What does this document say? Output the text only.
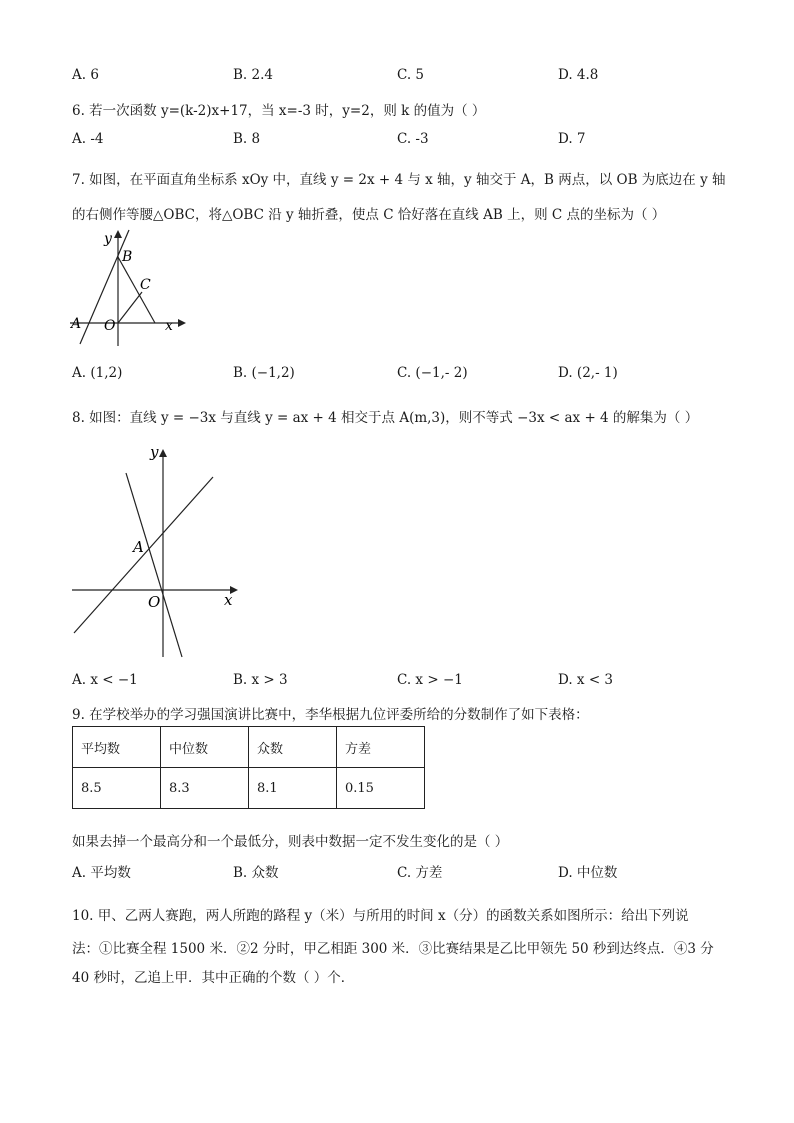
A. 6	B. 2.4	C. 5	D. 4.8
6. 若一次函数 y=(k-2)x+17，当 x=-3 时，y=2，则 k 的值为（ ）
A. -4	B. 8	C. -3	D. 7
7. 如图，在平面直角坐标系 xOy 中，直线 y = 2x + 4 与 x 轴，y 轴交于 A，B 两点，以 OB 为底边在 y 轴
的右侧作等腰△OBC，将△OBC 沿 y 轴折叠，使点 C 恰好落在直线 AB 上，则 C 点的坐标为（ ）
y
B
C
A O	x
A. (1,2)	B. (−1,2)	C. (−1,- 2)	D. (2,- 1)
8. 如图：直线 y = −3x 与直线 y = ax + 4 相交于点 A(m,3)，则不等式 −3x < ax + 4 的解集为（ ）
y
A
O	x
A. x < −1	B. x > 3	C. x > −1	D. x < 3
9. 在学校举办的学习强国演讲比赛中，李华根据九位评委所给的分数制作了如下表格：
平均数	中位数	众数	方差
8.5	8.3	8.1	0.15
如果去掉一个最高分和一个最低分，则表中数据一定不发生变化的是（ ）
A. 平均数	B. 众数	C. 方差	D. 中位数
10. 甲、乙两人赛跑，两人所跑的路程 y（米）与所用的时间 x（分）的函数关系如图所示：给出下列说
法：①比赛全程 1500 米．②2 分时，甲乙相距 300 米．③比赛结果是乙比甲领先 50 秒到达终点．④3 分
40 秒时，乙追上甲．其中正确的个数（ ）个．
